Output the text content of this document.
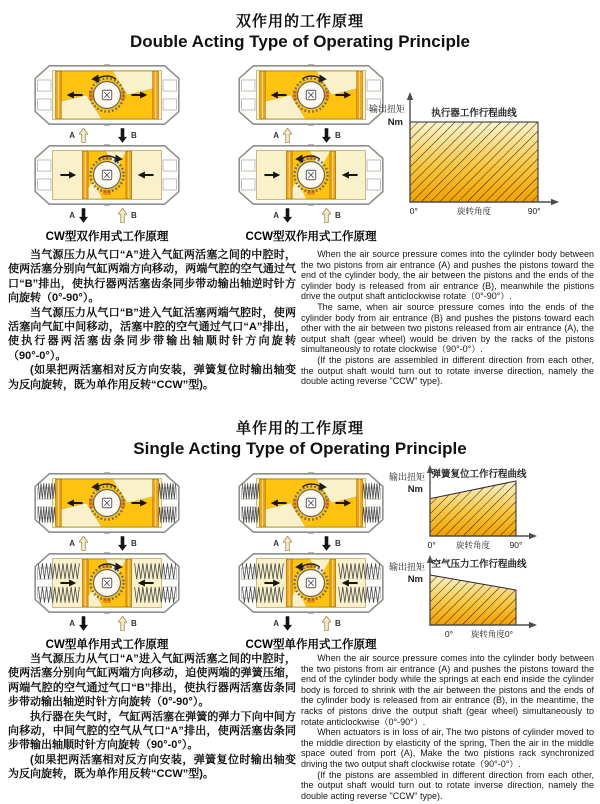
双作用的工作原理
Double Acting Type of Operating Principle
A	B
A	B
CW型双作用式工作原理
A	B
A	B
CCW型双作用式工作原理
输出扭矩
Nm
执行器工作行程曲线
0°	90°
旋转角度

当气源压力从气口“A”进入气缸两活塞之间的中腔时，使两活塞分别向气缸两端方向移动，两端气腔的空气通过气口“B”排出，使执行器两活塞齿条同步带动输出轴逆时针方向旋转（0°-90°）。

当气源压力从气口“B”进入气缸活塞两端气腔时，使两活塞向气缸中间移动，活塞中腔的空气通过气口“A”排出，使执行器两活塞齿条同步带输出轴顺时针方向旋转（90°-0°）。

(如果把两活塞相对反方向安装，弹簧复位时输出轴变为反向旋转，既为单作用反转“CCW”型)。

When the air source pressure comes into the cylinder body between the two pistons from air entrance (A) and pushes the pistons toward the end of the cylinder body, the air between the pistons and the ends of the cylinder body is released from air entrance (B), meanwhile the pistions drive the output shaft anticlockwise rotate（0°-90°）.

The same, when air source pressure comes into the ends of the cylinder body from air entrance (B) and pushes the pistons toward each other with the air between two pistons released from air entrance (A), the output shaft (gear wheel) would be driven by the racks of the pistons simultaneously to rotate clockwise（90°-0°）.

(If the pistons are assembled in different direction from each other, the output shaft would turn out to rotate inverse direction, namely the double acting reverse "CCW" type).

单作用的工作原理
Single Acting Type of Operating Principle
A	B
A	B
CW型单作用式工作原理
A	B
A	B
CCW型单作用式工作原理
输出扭矩
Nm
弹簧复位工作行程曲线
0°	90°
旋转角度
输出扭矩
Nm
空气压力工作行程曲线
0° 旋转角度0°

当气源压力从气口“A”进入气缸两活塞之间的中腔时，使两活塞分别向气缸两端方向移动，迫使两端的弹簧压缩，两端气腔的空气通过气口“B”排出，使执行器两活塞齿条同步带动输出轴逆时针方向旋转（0°-90°）。

执行器在失气时，气缸两活塞在弹簧的弹力下向中间方向移动，中间气腔的空气从气口“A”排出，使两活塞齿条同步带输出轴顺时针方向旋转（90°-0°）。

(如果把两活塞相对反方向安装，弹簧复位时输出轴变为反向旋转，既为单作用反转“CCW”型)。

When the air source pressure comes into the cylinder body between the two pistons from air entrance (A) and pushes the pistons toward the end of the cylinder body while the springs at each end inside the cylinder body is forced to shrink with the air between the pistons and the ends of the cylinder body is released from air entrance (B), in the meantime, the racks of pistons drive the output shaft (gear wheel) simultaneously to rotate anticlockwise（0°-90°）.

When actuators is in loss of air, The two pistons of cylinder moved to the middle direction by elasticity of the spring, Then the air in the middle space outed from port (A), Make the two pistions rack synchronized driving the two output shaft clockwise rotate（90°-0°）.

(If the pistons are assembled in different direction from each other, the output shaft would turn out to rotate inverse direction, namely the double acting reverse "CCW" type).
